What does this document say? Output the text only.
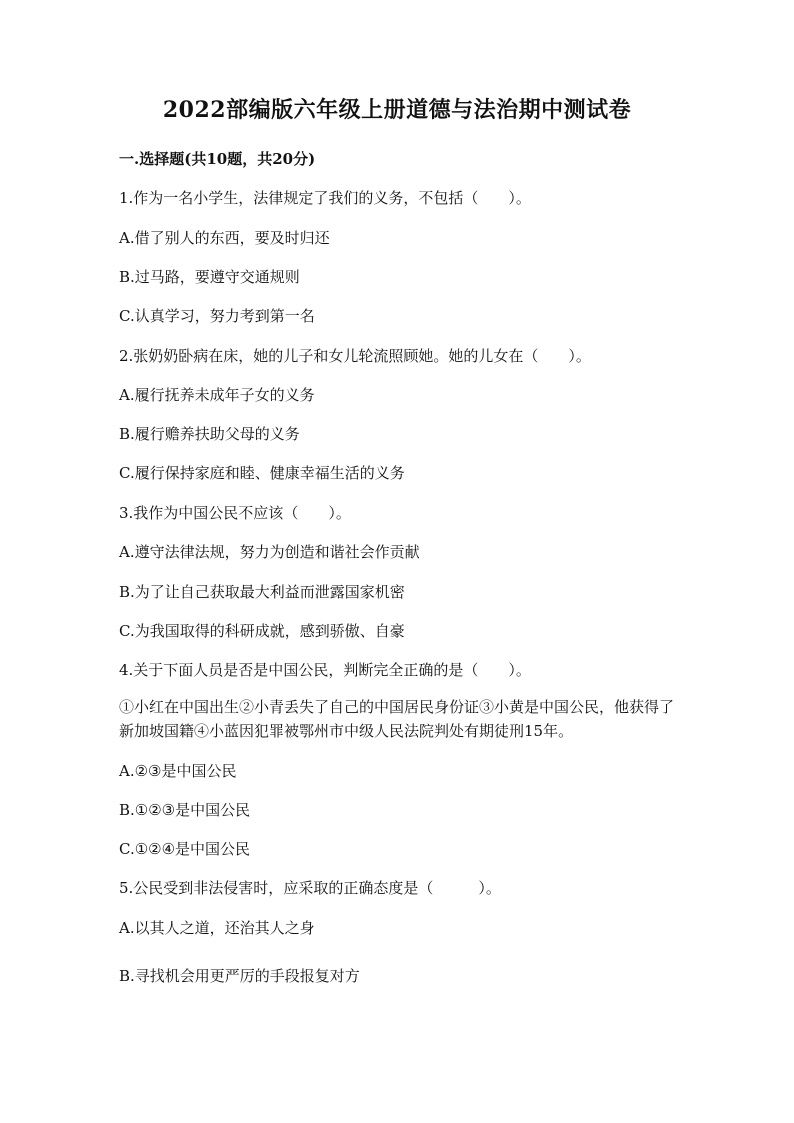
2022部编版六年级上册道德与法治期中测试卷
一.选择题(共10题，共20分)
1.作为一名小学生，法律规定了我们的义务，不包括（　　）。
A.借了别人的东西，要及时归还
B.过马路，要遵守交通规则
C.认真学习，努力考到第一名
2.张奶奶卧病在床，她的儿子和女儿轮流照顾她。她的儿女在（　　）。
A.履行抚养未成年子女的义务
B.履行赡养扶助父母的义务
C.履行保持家庭和睦、健康幸福生活的义务
3.我作为中国公民不应该（　　）。
A.遵守法律法规，努力为创造和谐社会作贡献
B.为了让自己获取最大利益而泄露国家机密
C.为我国取得的科研成就，感到骄傲、自豪
4.关于下面人员是否是中国公民，判断完全正确的是（　　）。
①小红在中国出生②小青丢失了自己的中国居民身份证③小黄是中国公民，他获得了新加坡国籍④小蓝因犯罪被鄂州市中级人民法院判处有期徒刑15年。
A.②③是中国公民
B.①②③是中国公民
C.①②④是中国公民
5.公民受到非法侵害时，应采取的正确态度是（　　　）。
A.以其人之道，还治其人之身
B.寻找机会用更严厉的手段报复对方
